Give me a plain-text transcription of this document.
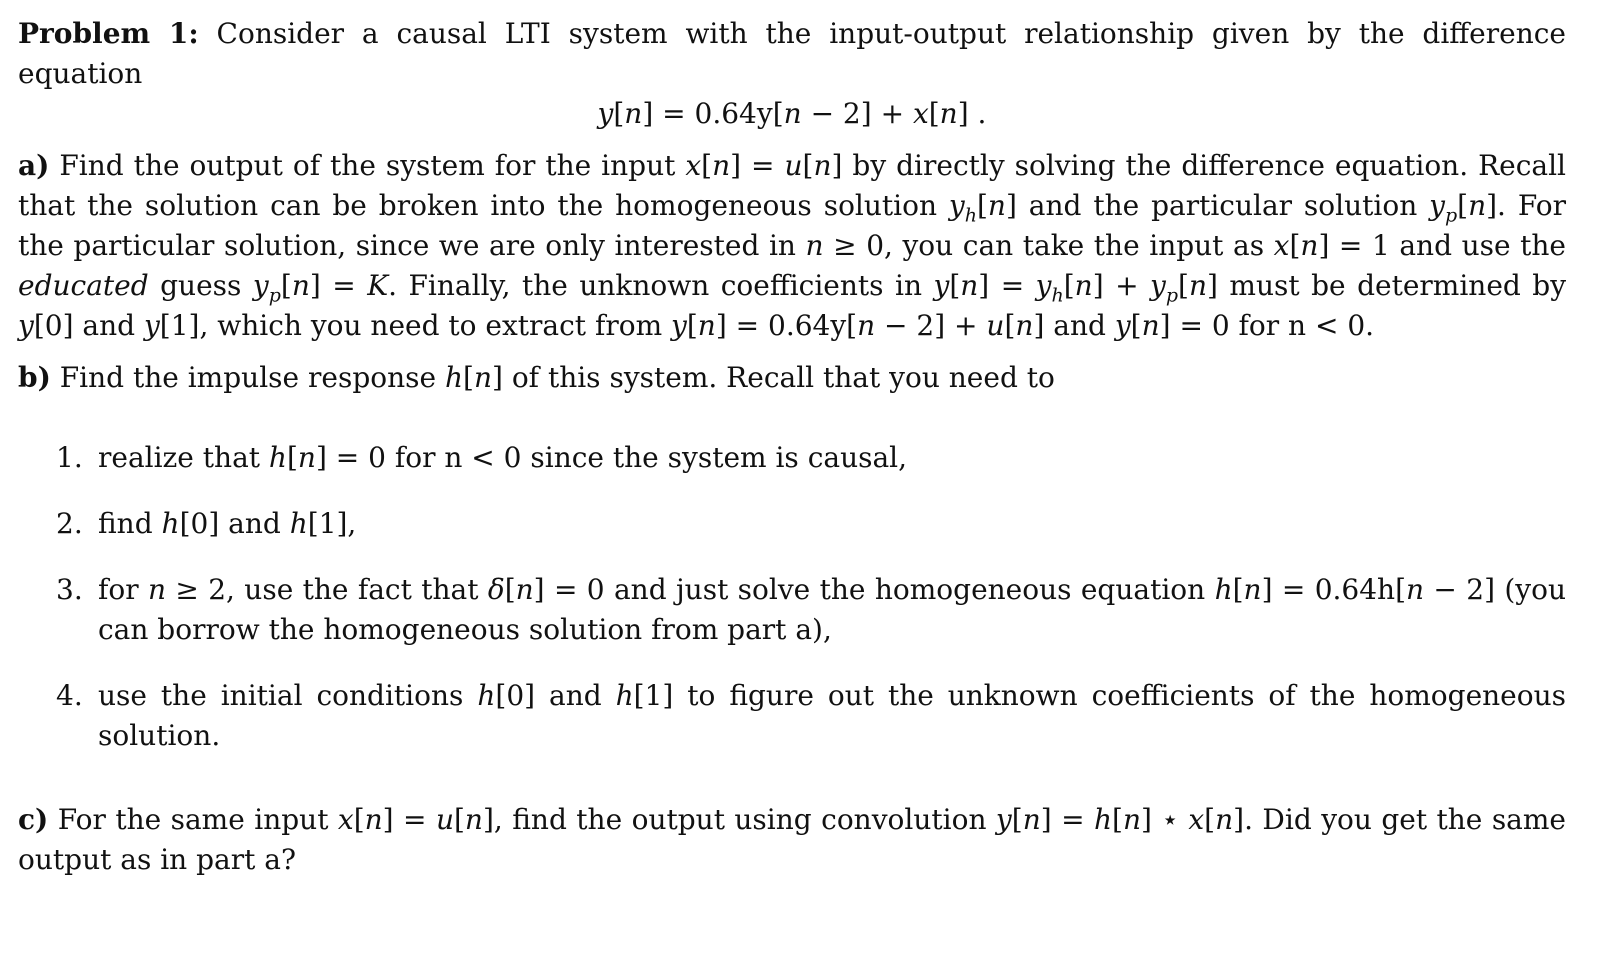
Problem 1: Consider a causal LTI system with the input-output relationship given by the difference equation

y[n] = 0.64y[n − 2] + x[n] .

a) Find the output of the system for the input x[n] = u[n] by directly solving the difference equation. Recall that the solution can be broken into the homogeneous solution $y_h[n]$ and the particular solution $y_p[n]$. For the particular solution, since we are only interested in n ≥ 0, you can take the input as x[n] = 1 and use the educated guess $y_p[n] = K$. Finally, the unknown coefficients in $y[n] = y_h[n] + y_p[n]$ must be determined by y[0] and y[1], which you need to extract from y[n] = 0.64y[n − 2] + u[n] and y[n] = 0 for n < 0.

b) Find the impulse response h[n] of this system. Recall that you need to

1. realize that h[n] = 0 for n < 0 since the system is causal,
2. find h[0] and h[1],
3. for n ≥ 2, use the fact that δ[n] = 0 and just solve the homogeneous equation h[n] = 0.64h[n − 2] (you can borrow the homogeneous solution from part a),
4. use the initial conditions h[0] and h[1] to figure out the unknown coefficients of the homogeneous solution.

c) For the same input x[n] = u[n], find the output using convolution y[n] = h[n] ⋆ x[n]. Did you get the same output as in part a?
